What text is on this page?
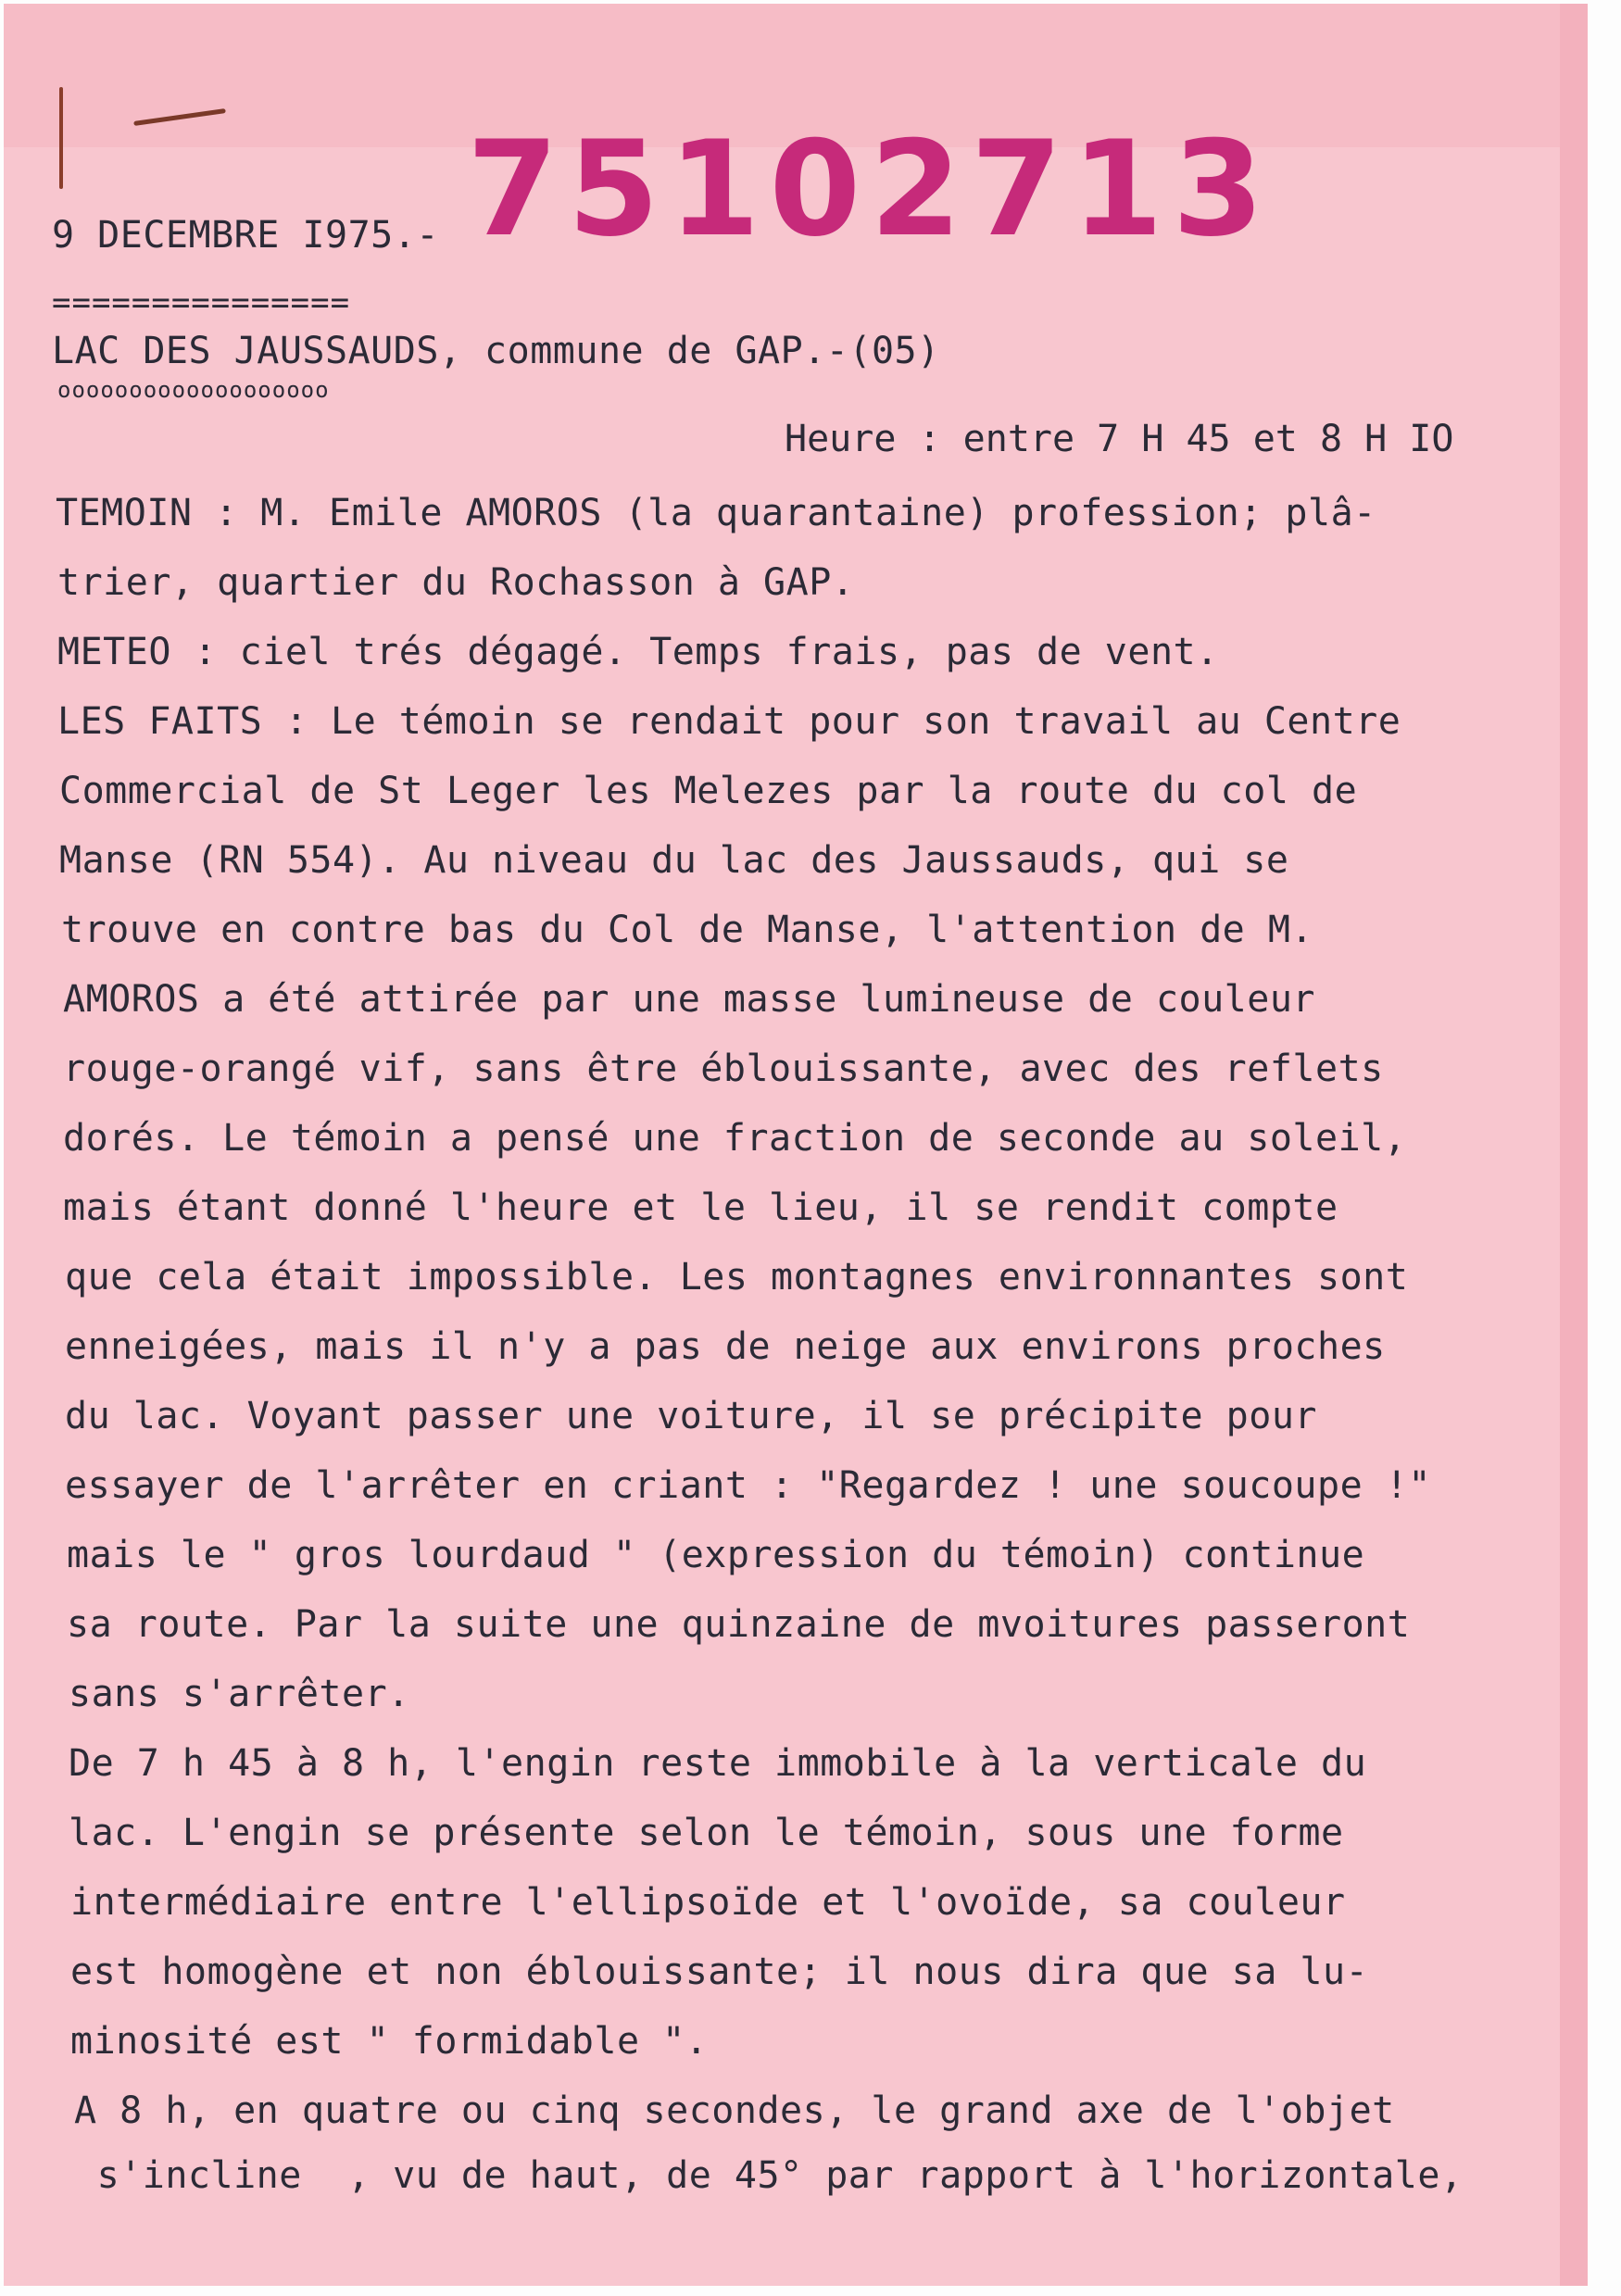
75102713
9 DECEMBRE I975.-
===============
LAC DES JAUSSAUDS, commune de GAP.-(05)
ooooooooooooooooooo
Heure : entre 7 H 45 et 8 H IO
TEMOIN : M. Emile AMOROS (la quarantaine) profession; plâ-
trier, quartier du Rochasson à GAP.
METEO : ciel trés dégagé. Temps frais, pas de vent.
LES FAITS : Le témoin se rendait pour son travail au Centre
Commercial de St Leger les Melezes par la route du col de
Manse (RN 554). Au niveau du lac des Jaussauds, qui se
trouve en contre bas du Col de Manse, l'attention de M.
AMOROS a été attirée par une masse lumineuse de couleur
rouge-orangé vif, sans être éblouissante, avec des reflets
dorés. Le témoin a pensé une fraction de seconde au soleil,
mais étant donné l'heure et le lieu, il se rendit compte
que cela était impossible. Les montagnes environnantes sont
enneigées, mais il n'y a pas de neige aux environs proches
du lac. Voyant passer une voiture, il se précipite pour
essayer de l'arrêter en criant : "Regardez ! une soucoupe !"
mais le " gros lourdaud " (expression du témoin) continue
sa route. Par la suite une quinzaine de mvoitures passeront
sans s'arrêter.
De 7 h 45 à 8 h, l'engin reste immobile à la verticale du
lac. L'engin se présente selon le témoin, sous une forme
intermédiaire entre l'ellipsoïde et l'ovoïde, sa couleur
est homogène et non éblouissante; il nous dira que sa lu-
minosité est " formidable ".
A 8 h, en quatre ou cinq secondes, le grand axe de l'objet
s'incline  , vu de haut, de 45° par rapport à l'horizontale,
